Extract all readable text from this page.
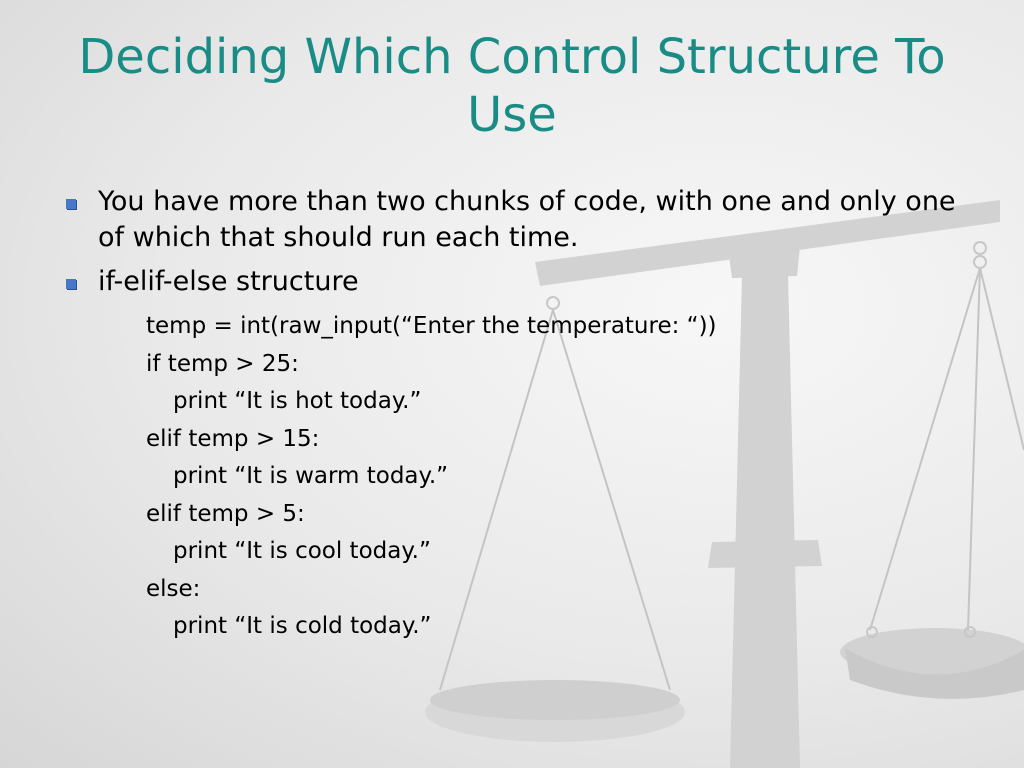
Deciding Which Control Structure To Use
You have more than two chunks of code, with one and only one of which that should run each time.
if-elif-else structure
temp = int(raw_input(“Enter the temperature: “))
if temp > 25:
print “It is hot today.”
elif temp > 15:
print “It is warm today.”
elif temp > 5:
print “It is cool today.”
else:
print “It is cold today.”
